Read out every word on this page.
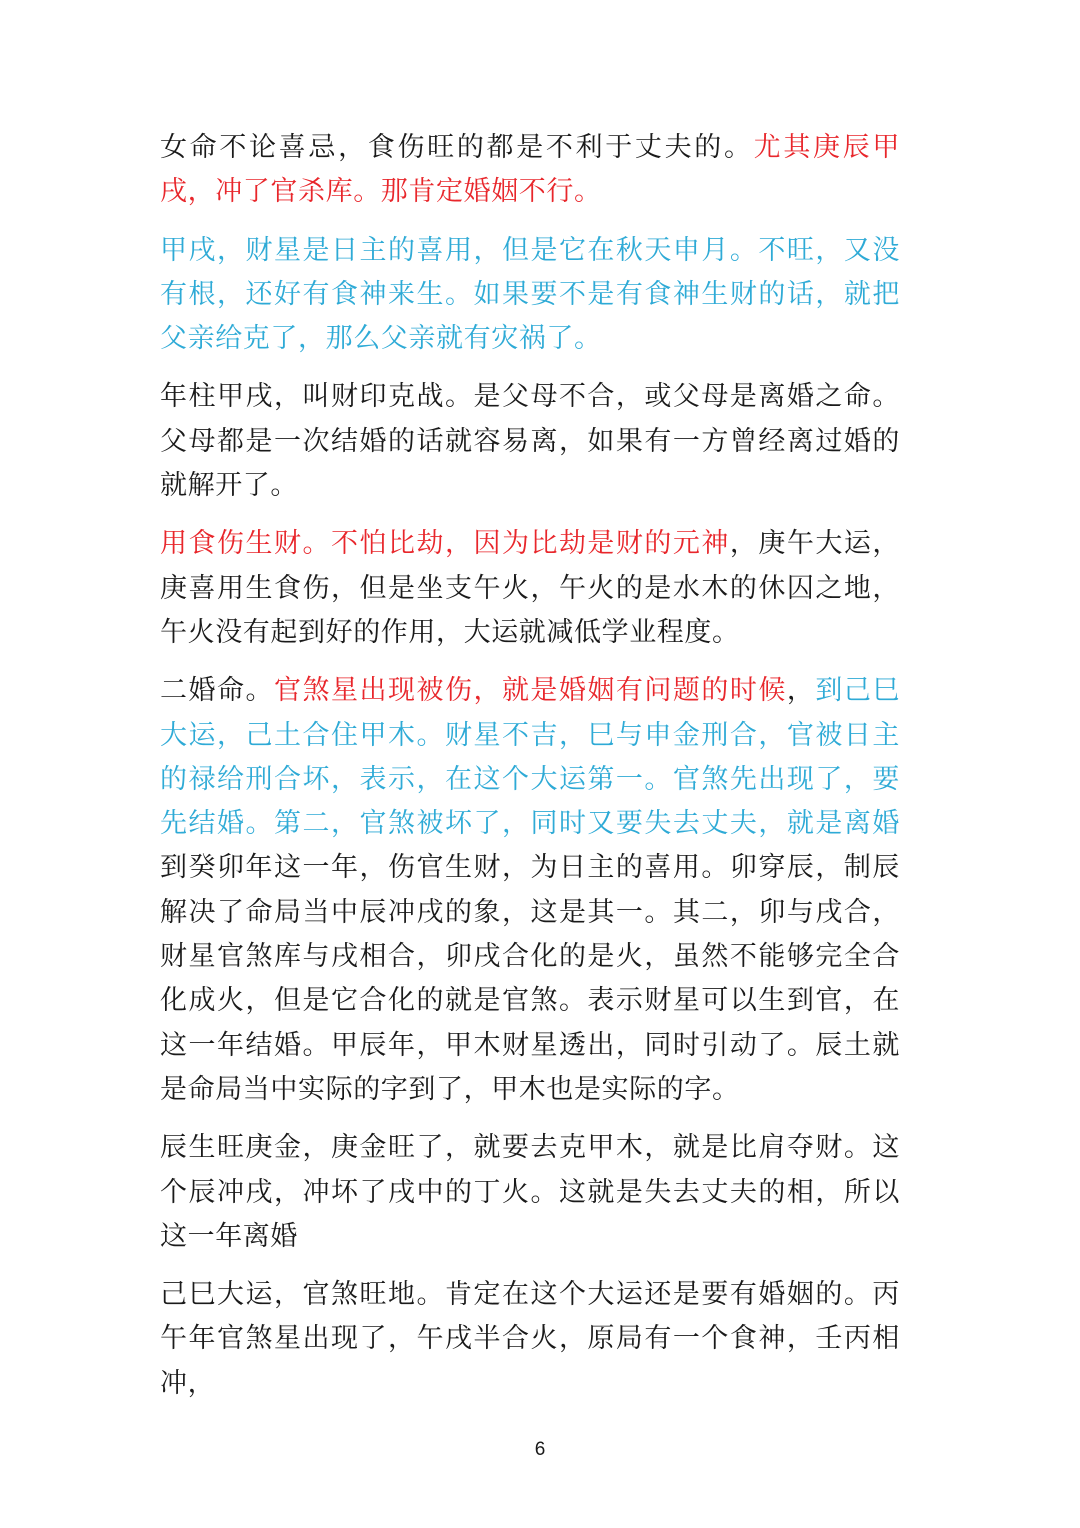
女命不论喜忌，食伤旺的都是不利于丈夫的。尤其庚辰甲戌，冲了官杀库。那肯定婚姻不行。

甲戌，财星是日主的喜用，但是它在秋天申月。不旺，又没有根，还好有食神来生。如果要不是有食神生财的话，就把父亲给克了，那么父亲就有灾祸了。

年柱甲戌，叫财印克战。是父母不合，或父母是离婚之命。父母都是一次结婚的话就容易离，如果有一方曾经离过婚的就解开了。

用食伤生财。不怕比劫，因为比劫是财的元神，庚午大运，庚喜用生食伤，但是坐支午火，午火的是水木的休囚之地，午火没有起到好的作用，大运就减低学业程度。

二婚命。官煞星出现被伤，就是婚姻有问题的时候，到己巳大运，己土合住甲木。财星不吉，巳与申金刑合，官被日主的禄给刑合坏，表示，在这个大运第一。官煞先出现了，要先结婚。第二，官煞被坏了，同时又要失去丈夫，就是离婚到癸卯年这一年，伤官生财，为日主的喜用。卯穿辰，制辰解决了命局当中辰冲戌的象，这是其一。其二，卯与戌合，财星官煞库与戌相合，卯戌合化的是火，虽然不能够完全合化成火，但是它合化的就是官煞。表示财星可以生到官，在这一年结婚。甲辰年，甲木财星透出，同时引动了。辰土就是命局当中实际的字到了，甲木也是实际的字。

辰生旺庚金，庚金旺了，就要去克甲木，就是比肩夺财。这个辰冲戌，冲坏了戌中的丁火。这就是失去丈夫的相，所以这一年离婚

己巳大运，官煞旺地。肯定在这个大运还是要有婚姻的。丙午年官煞星出现了，午戌半合火，原局有一个食神，壬丙相冲，

6
